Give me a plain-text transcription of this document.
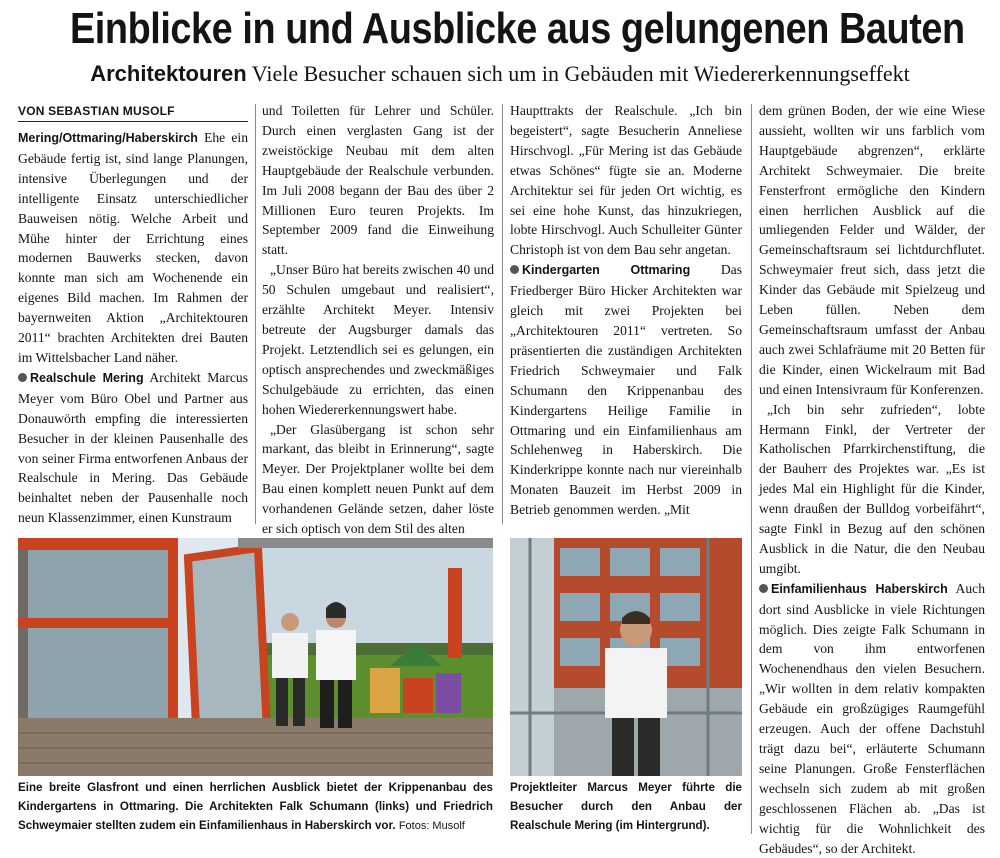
Einblicke in und Ausblicke aus gelungenen Bauten
Architektouren Viele Besucher schauen sich um in Gebäuden mit Wiedererkennungseffekt
VON SEBASTIAN MUSOLF

Mering/Ottmaring/Haberskirch Ehe ein Gebäude fertig ist, sind lange Planungen, intensive Überlegungen und der intelligente Einsatz unterschiedlicher Bauweisen nötig. Welche Arbeit und Mühe hinter der Errichtung eines modernen Bauwerks stecken, davon konnte man sich am Wochenende ein eigenes Bild machen. Im Rahmen der bayernweiten Aktion „Architektouren 2011“ brachten Architekten drei Bauten im Wittelsbacher Land näher.

Realschule Mering Architekt Marcus Meyer vom Büro Obel und Partner aus Donauwörth empfing die interessierten Besucher in der kleinen Pausenhalle des von seiner Firma entworfenen Anbaus der Realschule in Mering. Das Gebäude beinhaltet neben der Pausenhalle noch neun Klassenzimmer, einen Kunstraum

und Toiletten für Lehrer und Schüler. Durch einen verglasten Gang ist der zweistöckige Neubau mit dem alten Hauptgebäude der Realschule verbunden. Im Juli 2008 begann der Bau des über 2 Millionen Euro teuren Projekts. Im September 2009 fand die Einweihung statt.

„Unser Büro hat bereits zwischen 40 und 50 Schulen umgebaut und realisiert“, erzählte Architekt Meyer. Intensiv betreute der Augsburger damals das Projekt. Letztendlich sei es gelungen, ein optisch ansprechendes und zweckmäßiges Schulgebäude zu errichten, das einen hohen Wiedererkennungswert habe.

„Der Glasübergang ist schon sehr markant, das bleibt in Erinnerung“, sagte Meyer. Der Projektplaner wollte bei dem Bau einen komplett neuen Punkt auf dem vorhandenen Gelände setzen, daher löste er sich optisch von dem Stil des alten

Haupttrakts der Realschule. „Ich bin begeistert“, sagte Besucherin Anneliese Hirschvogl. „Für Mering ist das Gebäude etwas Schönes“ fügte sie an. Moderne Architektur sei für jeden Ort wichtig, es sei eine hohe Kunst, das hinzukriegen, lobte Hirschvogl. Auch Schulleiter Günter Christoph ist von dem Bau sehr angetan.

Kindergarten Ottmaring Das Friedberger Büro Hicker Architekten war gleich mit zwei Projekten bei „Architektouren 2011“ vertreten. So präsentierten die zuständigen Architekten Friedrich Schweymaier und Falk Schumann den Krippenanbau des Kindergartens Heilige Familie in Ottmaring und ein Einfamilienhaus am Schlehenweg in Haberskirch. Die Kinderkrippe konnte nach nur viereinhalb Monaten Bauzeit im Herbst 2009 in Betrieb genommen werden. „Mit

dem grünen Boden, der wie eine Wiese aussieht, wollten wir uns farblich vom Hauptgebäude abgrenzen“, erklärte Architekt Schweymaier. Die breite Fensterfront ermögliche den Kindern einen herrlichen Ausblick auf die umliegenden Felder und Wälder, der Gemeinschaftsraum sei lichtdurchflutet. Schweymaier freut sich, dass jetzt die Kinder das Gebäude mit Spielzeug und Leben füllen. Neben dem Gemeinschaftsraum umfasst der Anbau auch zwei Schlafräume mit 20 Betten für die Kinder, einen Wickelraum mit Bad und einen Intensivraum für Konferenzen.

„Ich bin sehr zufrieden“, lobte Hermann Finkl, der Vertreter der Katholischen Pfarrkirchenstiftung, die der Bauherr des Projektes war. „Es ist jedes Mal ein Highlight für die Kinder, wenn draußen der Bulldog vorbeifährt“, sagte Finkl in Bezug auf den schönen Ausblick in die Natur, die den Neubau umgibt.

Einfamilienhaus Haberskirch Auch dort sind Ausblicke in viele Richtungen möglich. Dies zeigte Falk Schumann in dem von ihm entworfenen Wochenendhaus den vielen Besuchern. „Wir wollten in dem relativ kompakten Gebäude ein großzügiges Raumgefühl erzeugen. Auch der offene Dachstuhl trägt dazu bei“, erläuterte Schumann seine Planungen. Große Fensterflächen wechseln sich zudem ab mit großen geschlossenen Flächen ab. „Das ist wichtig für die Wohnlichkeit des Gebäudes“, so der Architekt.

Eine breite Glasfront und einen herrlichen Ausblick bietet der Krippenanbau des Kindergartens in Ottmaring. Die Architekten Falk Schumann (links) und Friedrich Schweymaier stellten zudem ein Einfamilienhaus in Haberskirch vor. Fotos: Musolf
Projektleiter Marcus Meyer führte die Besucher durch den Anbau der Realschule Mering (im Hintergrund).
